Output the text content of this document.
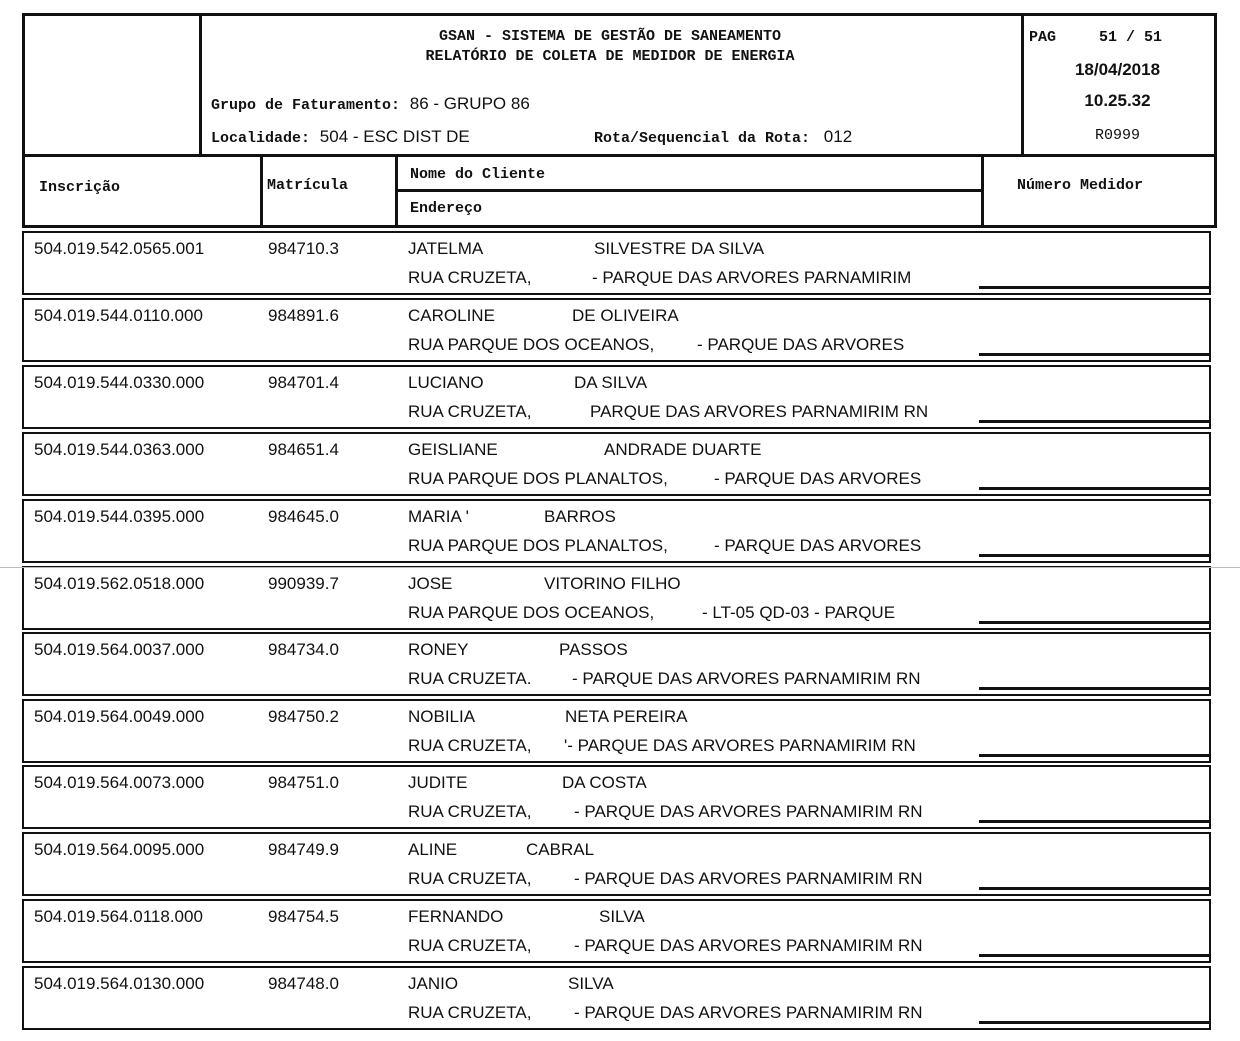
GSAN - SISTEMA DE GESTÃO DE SANEAMENTO
RELATÓRIO DE COLETA DE MEDIDOR DE ENERGIA
Grupo de Faturamento: 86 - GRUPO 86
Localidade: 504 - ESC DIST DE	Rota/Sequencial da Rota: 012
PAG	51 / 51
18/04/2018
10.25.32
R0999
Inscrição	Matrícula
Nome do Cliente
Endereço
Número Medidor
504.019.542.0565.001	984710.3	JATELMA	SILVESTRE DA SILVA
RUA CRUZETA,	- PARQUE DAS ARVORES PARNAMIRIM
504.019.544.0110.000	984891.6	CAROLINE	DE OLIVEIRA
RUA PARQUE DOS OCEANOS,	- PARQUE DAS ARVORES
504.019.544.0330.000	984701.4	LUCIANO	DA SILVA
RUA CRUZETA,	PARQUE DAS ARVORES PARNAMIRIM RN
504.019.544.0363.000	984651.4	GEISLIANE	ANDRADE DUARTE
RUA PARQUE DOS PLANALTOS,	- PARQUE DAS ARVORES
504.019.544.0395.000	984645.0	MARIA '	BARROS
RUA PARQUE DOS PLANALTOS,	- PARQUE DAS ARVORES
504.019.562.0518.000	990939.7	JOSE	VITORINO FILHO
RUA PARQUE DOS OCEANOS,	- LT-05 QD-03 - PARQUE
504.019.564.0037.000	984734.0	RONEY	PASSOS
RUA CRUZETA. - PARQUE DAS ARVORES PARNAMIRIM RN
504.019.564.0049.000	984750.2	NOBILIA	NETA PEREIRA
RUA CRUZETA, '- PARQUE DAS ARVORES PARNAMIRIM RN
504.019.564.0073.000	984751.0	JUDITE	DA COSTA
RUA CRUZETA,	- PARQUE DAS ARVORES PARNAMIRIM RN
504.019.564.0095.000	984749.9	ALINE	CABRAL
RUA CRUZETA,	- PARQUE DAS ARVORES PARNAMIRIM RN
504.019.564.0118.000	984754.5	FERNANDO	SILVA
RUA CRUZETA,	- PARQUE DAS ARVORES PARNAMIRIM RN
504.019.564.0130.000	984748.0	JANIO	SILVA
RUA CRUZETA,	- PARQUE DAS ARVORES PARNAMIRIM RN
